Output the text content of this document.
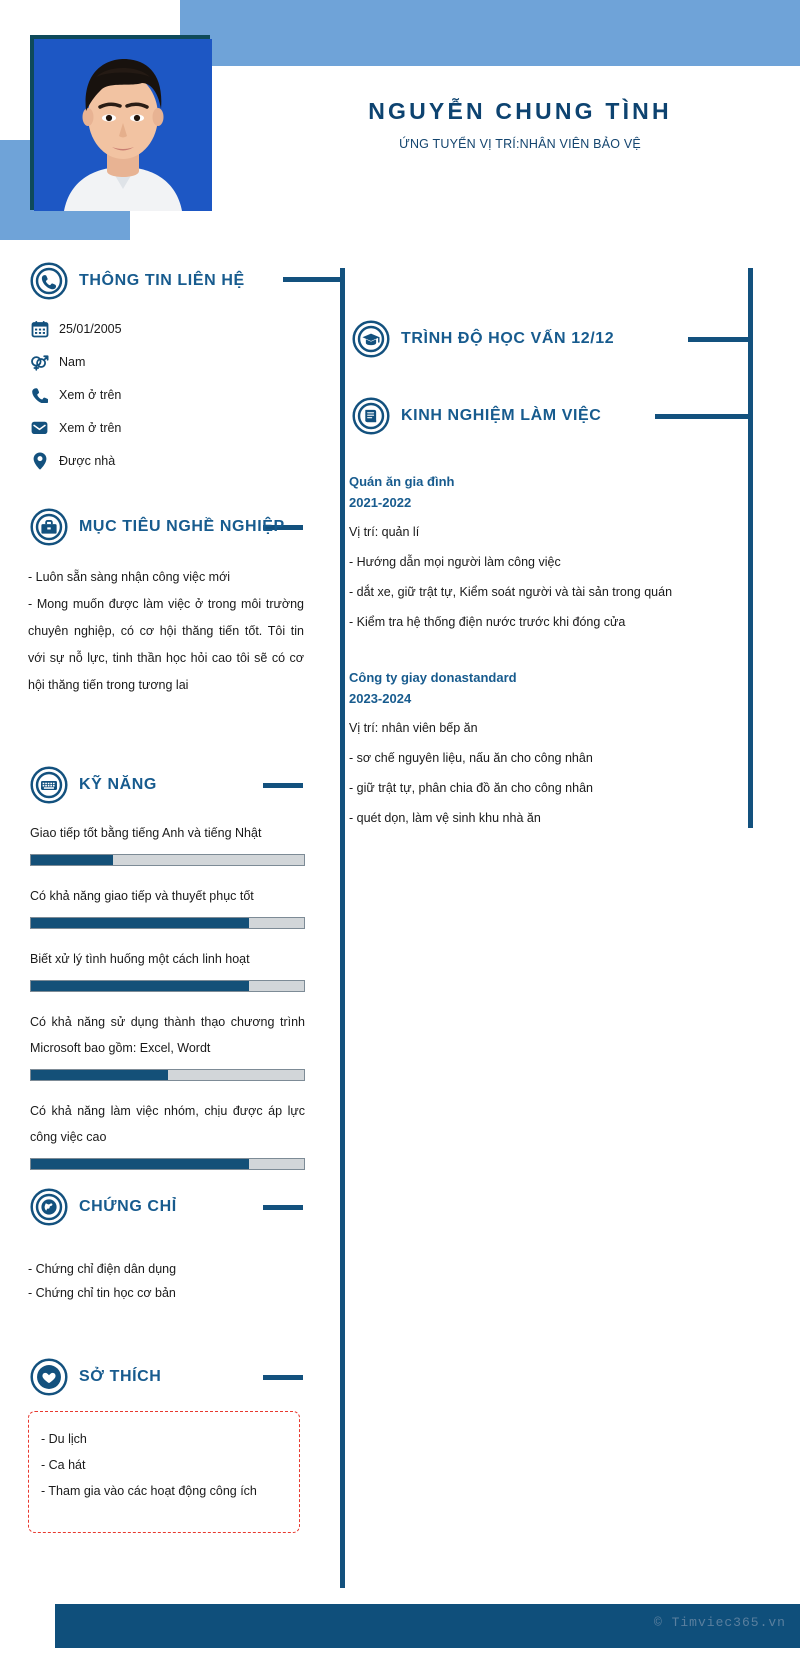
NGUYỄN CHUNG TÌNH
ỨNG TUYỂN VỊ TRÍ:NHÂN VIÊN BẢO VỆ
THÔNG TIN LIÊN HỆ
25/01/2005
Nam
Xem ở trên
Xem ở trên
Được nhà
MỤC TIÊU NGHỀ NGHIỆP
- Luôn sẵn sàng nhận công việc mới
- Mong muốn được làm việc ở trong môi trường chuyên nghiệp, có cơ hội thăng tiến tốt. Tôi tin với sự nỗ lực, tinh thần học hỏi cao tôi sẽ có cơ hội thăng tiến trong tương lai
KỸ NĂNG
Giao tiếp tốt bằng tiếng Anh và tiếng Nhật
Có khả năng giao tiếp và thuyết phục tốt
Biết xử lý tình huống một cách linh hoạt
Có khả năng sử dụng thành thạo chương trình Microsoft bao gồm: Excel, Wordt
Có khả năng làm việc nhóm, chịu được áp lực công việc cao
CHỨNG CHỈ
- Chứng chỉ điện dân dụng
- Chứng chỉ tin học cơ bản
SỞ THÍCH
- Du lịch
- Ca hát
- Tham gia vào các hoạt động công ích
TRÌNH ĐỘ HỌC VẤN 12/12
KINH NGHIỆM LÀM VIỆC
Quán ăn gia đình
2021-2022
Vị trí: quản lí
- Hướng dẫn mọi người làm công việc
- dắt xe, giữ trật tự, Kiểm soát người và tài sản trong quán
- Kiểm tra hệ thống điện nước trước khi đóng cửa
Công ty giay donastandard
2023-2024
Vị trí: nhân viên bếp ăn
- sơ chế nguyên liệu, nấu ăn cho công nhân
- giữ trật tự, phân chia đồ ăn cho công nhân
- quét dọn, làm vệ sinh khu nhà ăn
© Timviec365.vn
